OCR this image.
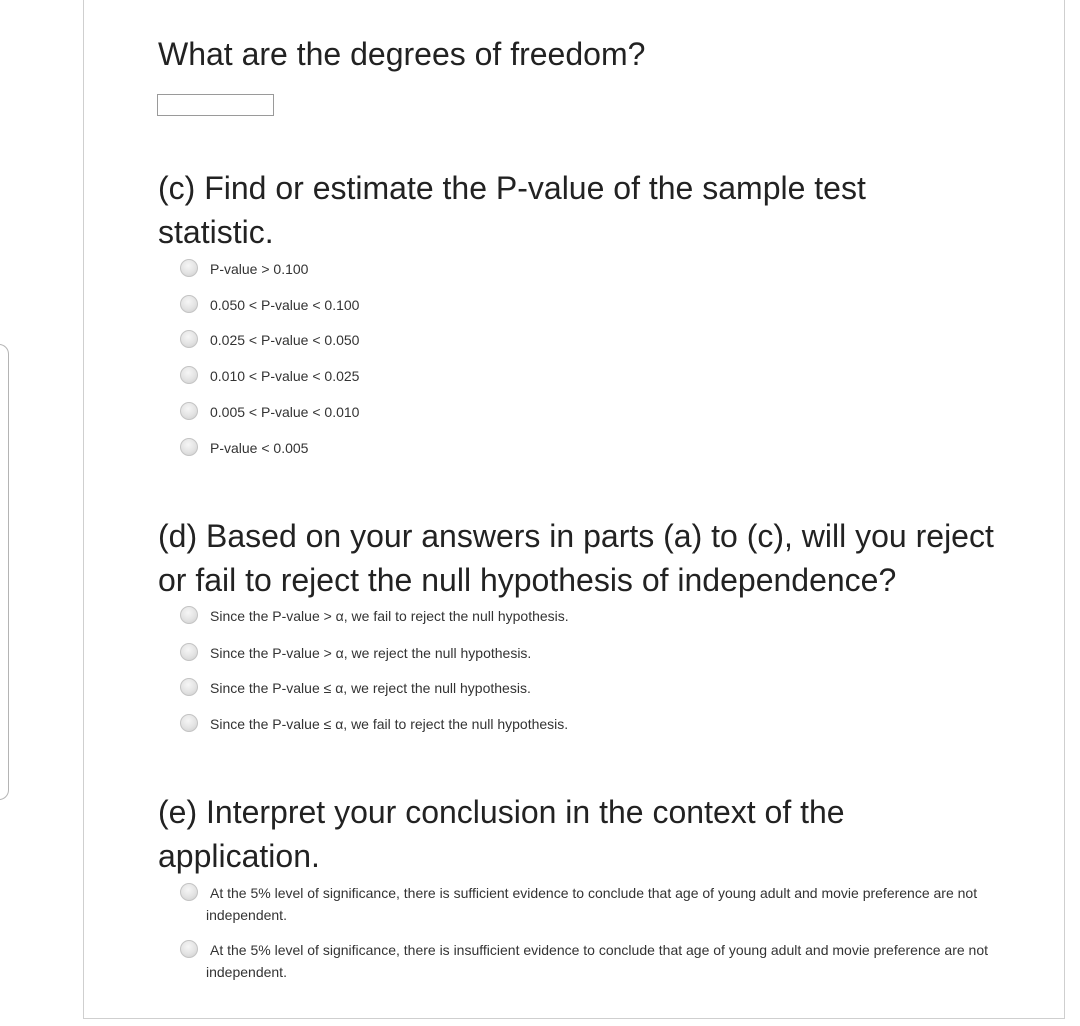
What are the degrees of freedom?
(c) Find or estimate the P-value of the sample test
statistic.
P-value > 0.100
0.050 < P-value < 0.100
0.025 < P-value < 0.050
0.010 < P-value < 0.025
0.005 < P-value < 0.010
P-value < 0.005
(d) Based on your answers in parts (a) to (c), will you reject
or fail to reject the null hypothesis of independence?
Since the P-value > α, we fail to reject the null hypothesis.
Since the P-value > α, we reject the null hypothesis.
Since the P-value ≤ α, we reject the null hypothesis.
Since the P-value ≤ α, we fail to reject the null hypothesis.
(e) Interpret your conclusion in the context of the
application.
At the 5% level of significance, there is sufficient evidence to conclude that age of young adult and movie preference are not independent.
At the 5% level of significance, there is insufficient evidence to conclude that age of young adult and movie preference are not independent.
